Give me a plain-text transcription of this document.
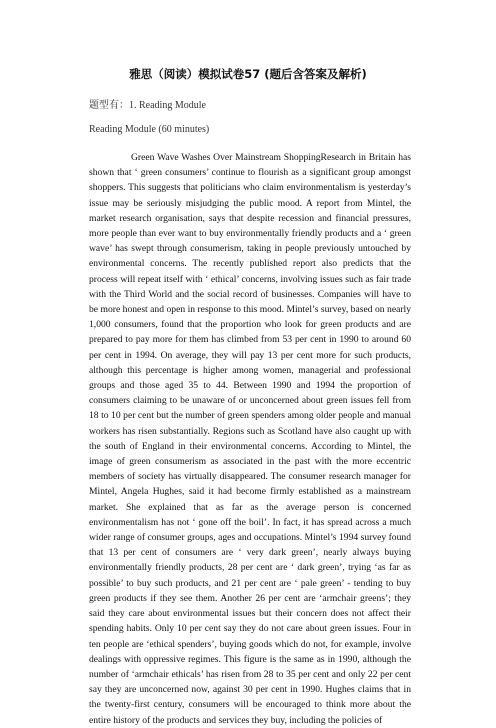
雅思（阅读）模拟试卷57 (题后含答案及解析)
题型有：1. Reading Module
Reading Module (60 minutes)

Green Wave Washes Over Mainstream ShoppingResearch in Britain has shown that ‘ green consumers’ continue to flourish as a significant group amongst shoppers. This suggests that politicians who claim environmentalism is yesterday’s issue may be seriously misjudging the public mood. A report from Mintel, the market research organisation, says that despite recession and financial pressures, more people than ever want to buy environmentally friendly products and a ‘ green wave’ has swept through consumerism, taking in people previously untouched by environmental concerns. The recently published report also predicts that the process will repeat itself with ‘ ethical’ concerns, involving issues such as fair trade with the Third World and the social record of businesses. Companies will have to be more honest and open in response to this mood. Mintel’s survey, based on nearly 1,000 consumers, found that the proportion who look for green products and are prepared to pay more for them has climbed from 53 per cent in 1990 to around 60 per cent in 1994. On average, they will pay 13 per cent more for such products, although this percentage is higher among women, managerial and professional groups and those aged 35 to 44. Between 1990 and 1994 the proportion of consumers claiming to be unaware of or unconcerned about green issues fell from 18 to 10 per cent but the number of green spenders among older people and manual workers has risen substantially. Regions such as Scotland have also caught up with the south of England in their environmental concerns. According to Mintel, the image of green consumerism as associated in the past with the more eccentric members of society has virtually disappeared. The consumer research manager for Mintel, Angela Hughes, said it had become firmly established as a mainstream market. She explained that as far as the average person is concerned environmentalism has not ‘ gone off the boil’. In fact, it has spread across a much wider range of consumer groups, ages and occupations. Mintel’s 1994 survey found that 13 per cent of consumers are ‘ very dark green’, nearly always buying environmentally friendly products, 28 per cent are ‘ dark green’, trying ‘as far as possible’ to buy such products, and 21 per cent are ‘ pale green’ - tending to buy green products if they see them. Another 26 per cent are ‘armchair greens’; they said they care about environmental issues but their concern does not affect their spending habits. Only 10 per cent say they do not care about green issues. Four in ten people are ‘ethical spenders’, buying goods which do not, for example, involve dealings with oppressive regimes. This figure is the same as in 1990, although the number of ‘armchair ethicals’ has risen from 28 to 35 per cent and only 22 per cent say they are unconcerned now, against 30 per cent in 1990. Hughes claims that in the twenty-first century, consumers will be encouraged to think more about the entire history of the products and services they buy, including the policies of
